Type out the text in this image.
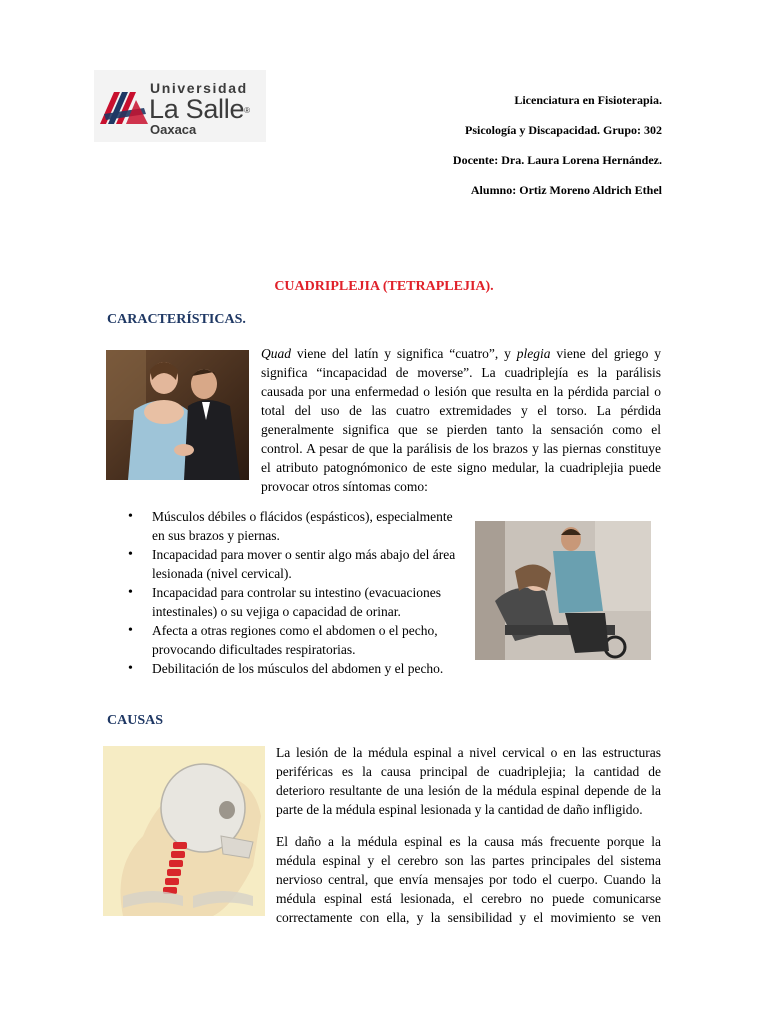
Universidad
La Salle®
Oaxaca
Licenciatura en Fisioterapia.
Psicología y Discapacidad. Grupo: 302
Docente: Dra. Laura Lorena Hernández.
Alumno: Ortiz Moreno Aldrich Ethel
CUADRIPLEJIA (TETRAPLEJIA).
CARACTERÍSTICAS.
Quad viene del latín y significa “cuatro”, y plegia viene del griego y
significa “incapacidad de moverse”. La cuadriplejía es la parálisis
causada por una enfermedad o lesión que resulta en la pérdida parcial o
total del uso de las cuatro extremidades y el torso. La pérdida
generalmente significa que se pierden tanto la sensación como el
control. A pesar de que la parálisis de los brazos y las piernas constituye
el atributo patognómonico de este signo medular, la cuadriplejia puede
provocar otros síntomas como:
• Músculos débiles o flácidos (espásticos), especialmente en sus brazos y piernas.
• Incapacidad para mover o sentir algo más abajo del área lesionada (nivel cervical).
• Incapacidad para controlar su intestino (evacuaciones intestinales) o su vejiga o capacidad de orinar.
• Afecta a otras regiones como el abdomen o el pecho, provocando dificultades respiratorias.
• Debilitación de los músculos del abdomen y el pecho.
CAUSAS
La lesión de la médula espinal a nivel cervical o en las estructuras
periféricas es la causa principal de cuadriplejia; la cantidad de
deterioro resultante de una lesión de la médula espinal depende de la
parte de la médula espinal lesionada y la cantidad de daño infligido.
El daño a la médula espinal es la causa más frecuente porque la
médula espinal y el cerebro son las partes principales del sistema
nervioso central, que envía mensajes por todo el cuerpo. Cuando la
médula espinal está lesionada, el cerebro no puede comunicarse
correctamente con ella, y la sensibilidad y el movimiento se ven
